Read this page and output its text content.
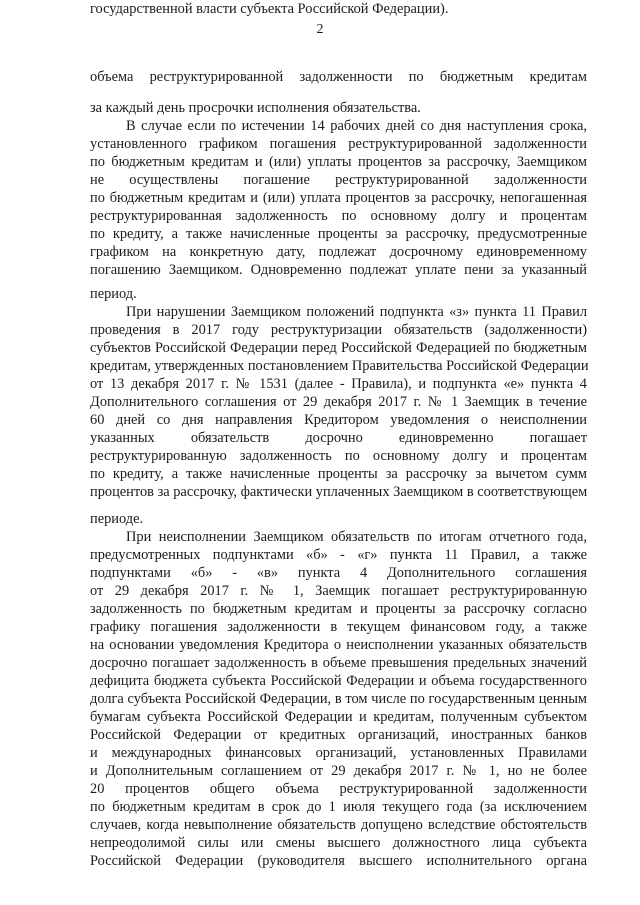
2
объема реструктурированной задолженности по бюджетным кредитам
за каждый день просрочки исполнения обязательства.
В случае если по истечении 14 рабочих дней со дня наступления срока,
установленного графиком погашения реструктурированной задолженности
по бюджетным кредитам и (или) уплаты процентов за рассрочку, Заемщиком
не осуществлены погашение реструктурированной задолженности
по бюджетным кредитам и (или) уплата процентов за рассрочку, непогашенная
реструктурированная задолженность по основному долгу и процентам
по кредиту, а также начисленные проценты за рассрочку, предусмотренные
графиком на конкретную дату, подлежат досрочному единовременному
погашению Заемщиком. Одновременно подлежат уплате пени за указанный
период.
При нарушении Заемщиком положений подпункта «з» пункта 11 Правил
проведения в 2017 году реструктуризации обязательств (задолженности)
субъектов Российской Федерации перед Российской Федерацией по бюджетным
кредитам, утвержденных постановлением Правительства Российской Федерации
от 13 декабря 2017 г. № 1531 (далее - Правила), и подпункта «е» пункта 4
Дополнительного соглашения от 29 декабря 2017 г. № 1 Заемщик в течение
60 дней со дня направления Кредитором уведомления о неисполнении
указанных обязательств досрочно единовременно погашает
реструктурированную задолженность по основному долгу и процентам
по кредиту, а также начисленные проценты за рассрочку за вычетом сумм
процентов за рассрочку, фактически уплаченных Заемщиком в соответствующем
периоде.
При неисполнении Заемщиком обязательств по итогам отчетного года,
предусмотренных подпунктами «б» - «г» пункта 11 Правил, а также
подпунктами «б» - «в» пункта 4 Дополнительного соглашения
от 29 декабря 2017 г. № 1, Заемщик погашает реструктурированную
задолженность по бюджетным кредитам и проценты за рассрочку согласно
графику погашения задолженности в текущем финансовом году, а также
на основании уведомления Кредитора о неисполнении указанных обязательств
досрочно погашает задолженность в объеме превышения предельных значений
дефицита бюджета субъекта Российской Федерации и объема государственного
долга субъекта Российской Федерации, в том числе по государственным ценным
бумагам субъекта Российской Федерации и кредитам, полученным субъектом
Российской Федерации от кредитных организаций, иностранных банков
и международных финансовых организаций, установленных Правилами
и Дополнительным соглашением от 29 декабря 2017 г. № 1, но не более
20 процентов общего объема реструктурированной задолженности
по бюджетным кредитам в срок до 1 июля текущего года (за исключением
случаев, когда невыполнение обязательств допущено вследствие обстоятельств
непреодолимой силы или смены высшего должностного лица субъекта
Российской Федерации (руководителя высшего исполнительного органа
государственной власти субъекта Российской Федерации).
